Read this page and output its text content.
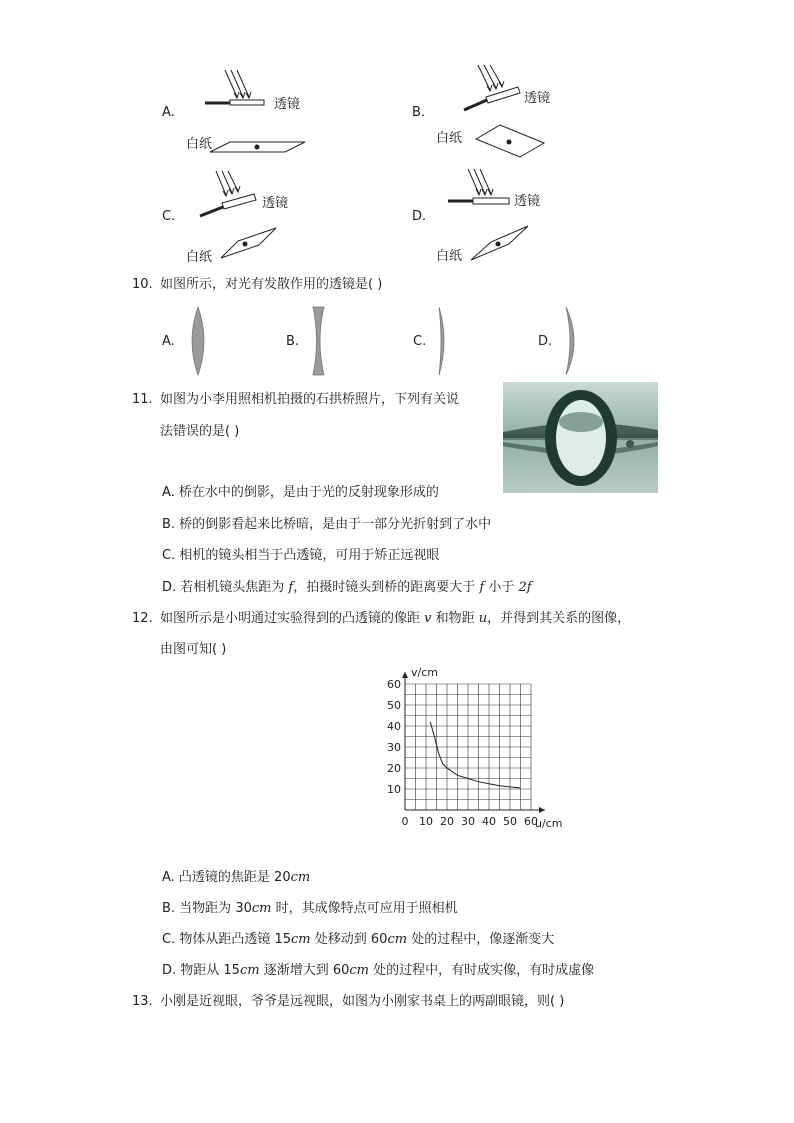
A.
透镜
白纸
B.
透镜
白纸
C.
透镜
白纸
D.
透镜
白纸
10. 如图所示，对光有发散作用的透镜是( )
A.	B.	C.	D.
11. 如图为小李用照相机拍摄的石拱桥照片，下列有关说
法错误的是( )
A. 桥在水中的倒影，是由于光的反射现象形成的
B. 桥的倒影看起来比桥暗，是由于一部分光折射到了水中
C. 相机的镜头相当于凸透镜，可用于矫正远视眼
D. 若相机镜头焦距为 f，拍摄时镜头到桥的距离要大于 f 小于 2f
12. 如图所示是小明通过实验得到的凸透镜的像距 v 和物距 u，并得到其关系的图像，
由图可知( )
0 10 20 30 40 50 60
10
20
30
40
50
60
u/cm
v/cm
A. 凸透镜的焦距是 20cm
B. 当物距为 30cm 时，其成像特点可应用于照相机
C. 物体从距凸透镜 15cm 处移动到 60cm 处的过程中，像逐渐变大
D. 物距从 15cm 逐渐增大到 60cm 处的过程中，有时成实像，有时成虚像
13. 小刚是近视眼，爷爷是远视眼，如图为小刚家书桌上的两副眼镜，则( )
